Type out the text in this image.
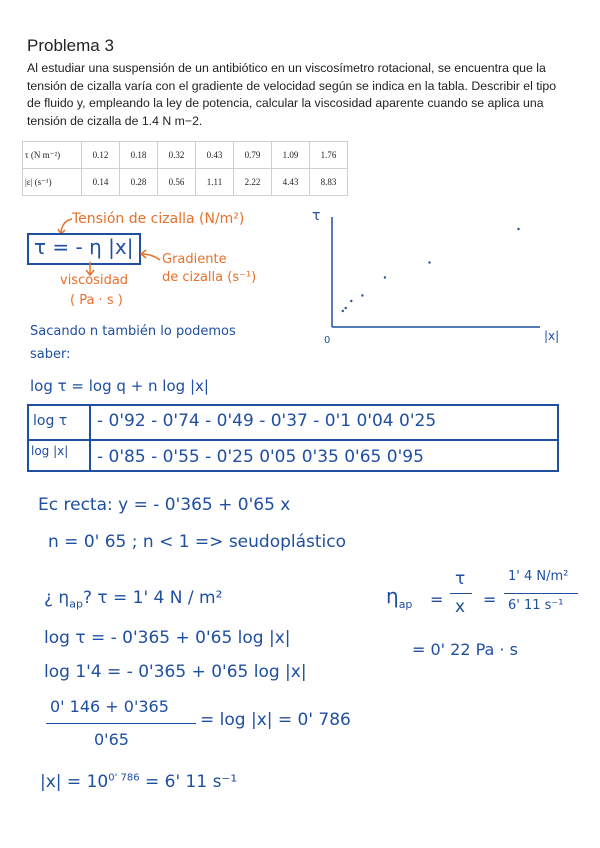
Problema 3
Al estudiar una suspensión de un antibiótico en un viscosímetro rotacional, se encuentra que la tensión de cizalla varía con el gradiente de velocidad según se indica en la tabla. Describir el tipo de fluido y, empleando la ley de potencia, calcular la viscosidad aparente cuando se aplica una tensión de cizalla de 1.4 N m−2.
τ (N m⁻²)	0.12	0.18	0.32	0.43	0.79	1.09	1.76
|ε| (s⁻¹)	0.14	0.28	0.56	1.11	2.22	4.43	8.83
Tensión de cizalla (N/m²)
τ = - η |x|
viscosidad
( Pa · s )
Gradiente
de cizalla (s⁻¹)
τ
|x|
0
Sacando n también lo podemos
saber:
log τ = log q + n log |x|
log τ - 0'92 - 0'74 - 0'49 - 0'37 - 0'1 0'04 0'25
log |x| - 0'85 - 0'55 - 0'25 0'05 0'35 0'65 0'95
Ec recta: y = - 0'365 + 0'65 x
n = 0' 65 ; n < 1 => seudoplástico
¿ $\eta_{ap}$? τ = 1' 4 N / m²
log τ = - 0'365 + 0'65 log |x|
log 1'4 = - 0'365 + 0'65 log |x|
0' 146 + 0'365
0'65
= log |x| = 0' 786
$|x| = 10^{0' 786} = 6'$ 11 s⁻¹
$\eta_{ap}$ =
τ
x =
1' 4 N/m²
6' 11 s⁻¹
= 0' 22 Pa · s
